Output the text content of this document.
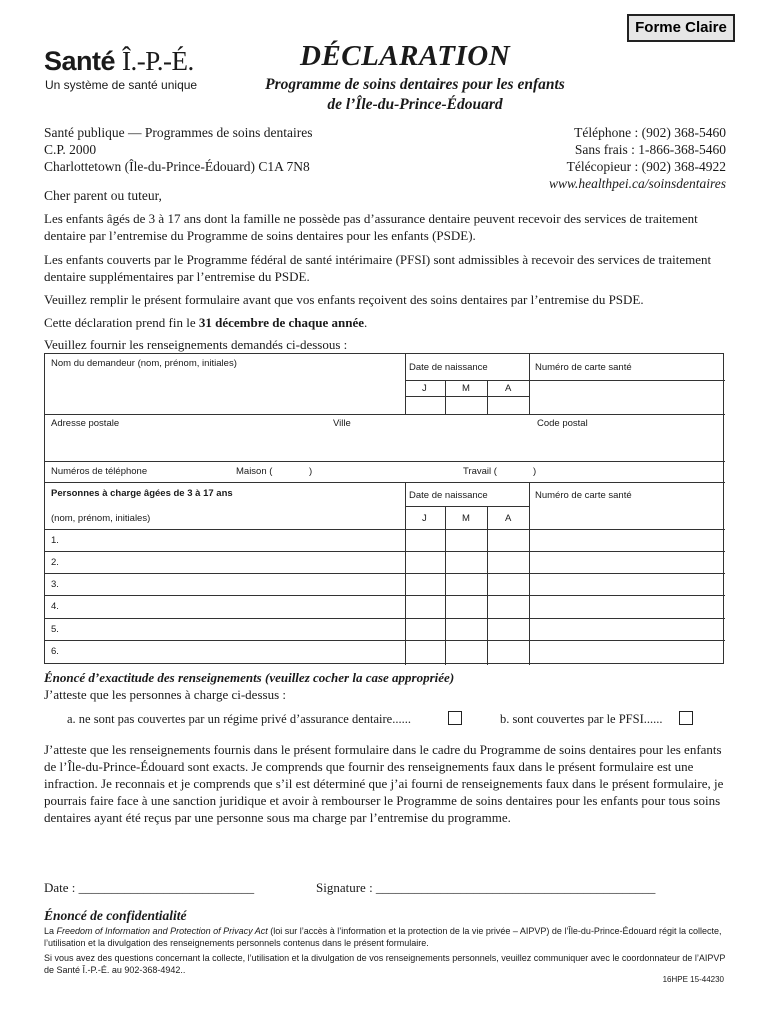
Forme Claire
Santé Î.-P.-É.
Un système de santé unique
DÉCLARATION
Programme de soins dentaires pour les enfants
de l’Île-du-Prince-Édouard
Santé publique — Programmes de soins dentaires
C.P. 2000
Charlottetown (Île-du-Prince-Édouard) C1A 7N8
Téléphone : (902) 368-5460
Sans frais : 1-866-368-5460
Télécopieur : (902) 368-4922
www.healthpei.ca/soinsdentaires
Cher parent ou tuteur,
Les enfants âgés de 3 à 17 ans dont la famille ne possède pas d’assurance dentaire peuvent recevoir des services de traitement dentaire par l’entremise du Programme de soins dentaires pour les enfants (PSDE).
Les enfants couverts par le Programme fédéral de santé intérimaire (PFSI) sont admissibles à recevoir des services de traitement dentaire supplémentaires par l’entremise du PSDE.
Veuillez remplir le présent formulaire avant que vos enfants reçoivent des soins dentaires par l’entremise du PSDE.
Cette déclaration prend fin le 31 décembre de chaque année.
Veuillez fournir les renseignements demandés ci-dessous :
Nom du demandeur (nom, prénom, initiales)	Date de naissance	Numéro de carte santé
J	M	A
Adresse postale	Ville	Code postal
Numéros de téléphone	Maison (	)	Travail (	)
Personnes à charge âgées de 3 à 17 ans	Date de naissance	Numéro de carte santé
(nom, prénom, initiales)	J	M	A
1.
2.
3.
4.
5.
6.
Énoncé d’exactitude des renseignements (veuillez cocher la case appropriée)
J’atteste que les personnes à charge ci-dessus :
a. ne sont pas couvertes par un régime privé d’assurance dentaire......	b. sont couvertes par le PFSI......
J’atteste que les renseignements fournis dans le présent formulaire dans le cadre du Programme de soins dentaires pour les enfants de l’Île-du-Prince-Édouard sont exacts. Je comprends que fournir des renseignements faux dans le présent formulaire est une infraction. Je reconnais et je comprends que s’il est déterminé que j’ai fourni de renseignements faux dans le présent formulaire, je pourrais faire face à une sanction juridique et avoir à rembourser le Programme de soins dentaires pour les enfants pour tous soins dentaires ayant été reçus par une personne sous ma charge par l’entremise du programme.
Date : ___________________________	Signature : ___________________________________________
Énoncé de confidentialité
La Freedom of Information and Protection of Privacy Act (loi sur l’accès à l’information et la protection de la vie privée – AIPVP) de l’Île-du-Prince-Édouard régit la collecte, l’utilisation et la divulgation des renseignements personnels contenus dans le présent formulaire.
Si vous avez des questions concernant la collecte, l’utilisation et la divulgation de vos renseignements personnels, veuillez communiquer avec le coordonnateur de l’AIPVP de Santé Î.-P.-É. au 902-368-4942..
16HPE 15-44230
